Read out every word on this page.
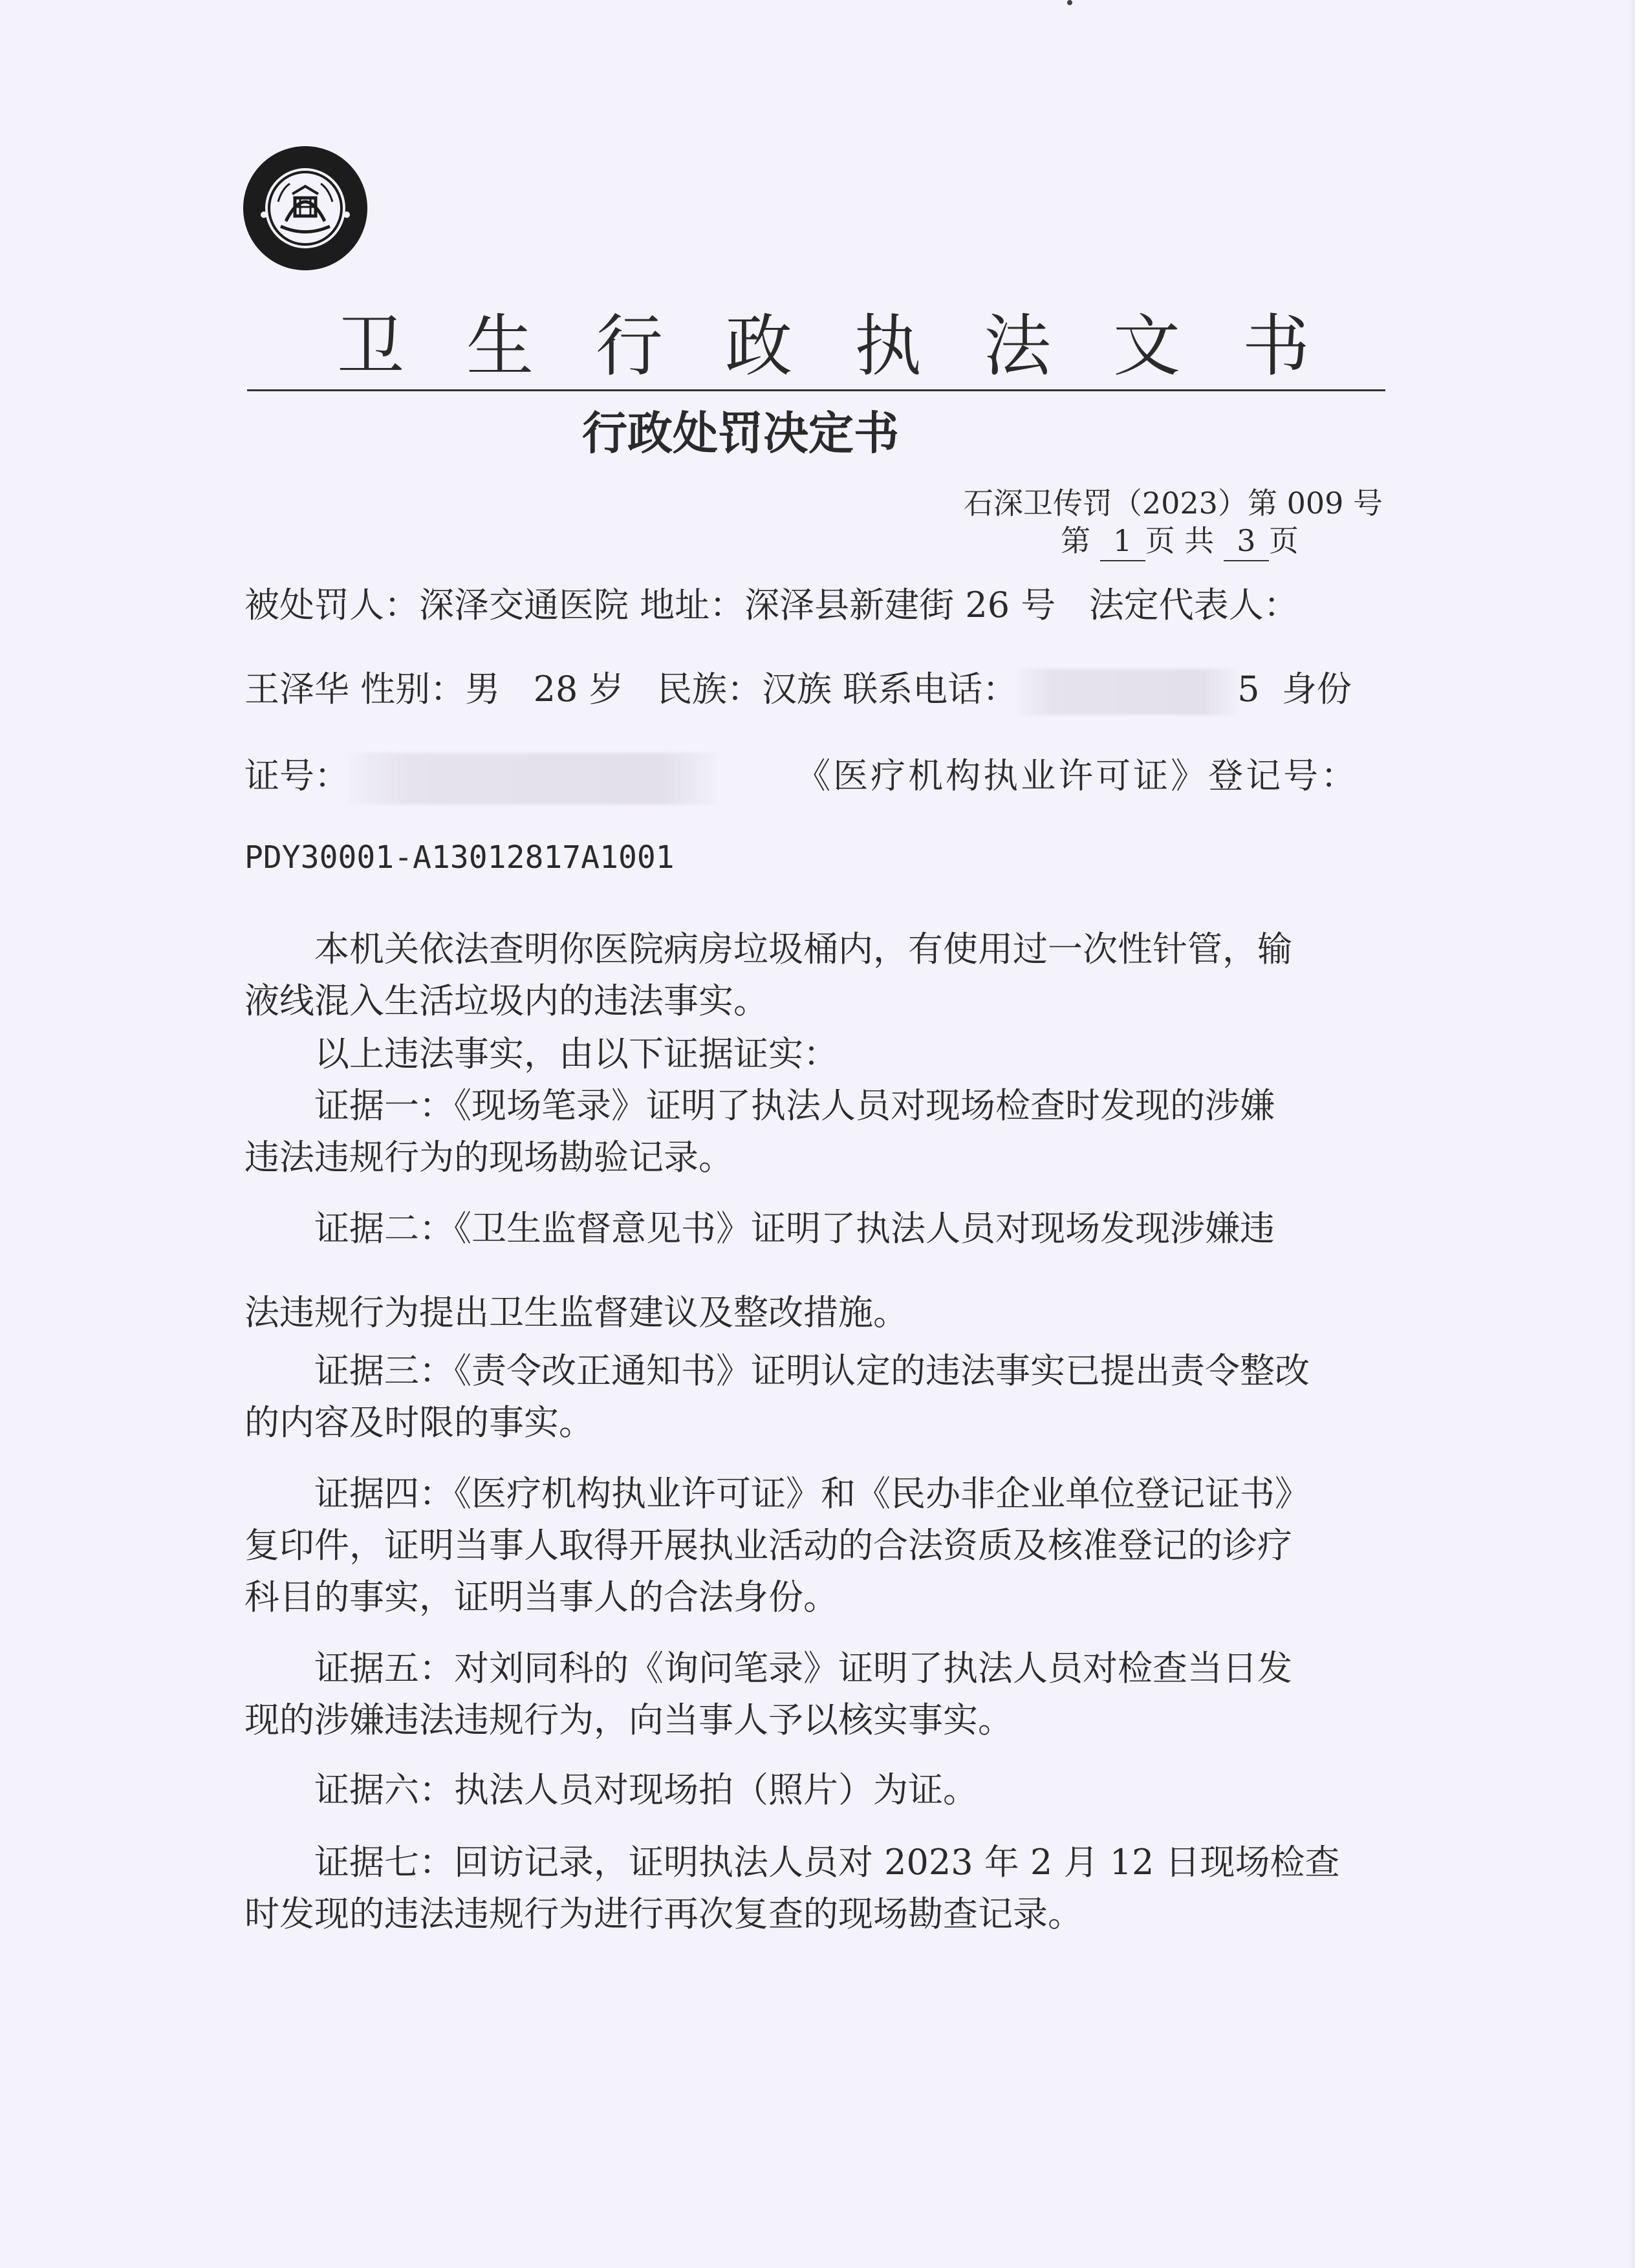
卫 生 行 政 执 法 文 书
行政处罚决定书
石深卫传罚（2023）第 009 号
第 1 页 共 3 页
被处罚人：深泽交通医院 地址：深泽县新建街 26 号 法定代表人：
王泽华 性别：男 28 岁 民族：汉族 联系电话：	5 身份
证号：	《医疗机构执业许可证》登记号：
PDY30001-A13012817A1001
本机关依法查明你医院病房垃圾桶内，有使用过一次性针管，输
液线混入生活垃圾内的违法事实。
以上违法事实，由以下证据证实：
证据一：《现场笔录》证明了执法人员对现场检查时发现的涉嫌
违法违规行为的现场勘验记录。
证据二：《卫生监督意见书》证明了执法人员对现场发现涉嫌违
法违规行为提出卫生监督建议及整改措施。
证据三：《责令改正通知书》证明认定的违法事实已提出责令整改
的内容及时限的事实。
证据四：《医疗机构执业许可证》和《民办非企业单位登记证书》
复印件，证明当事人取得开展执业活动的合法资质及核准登记的诊疗
科目的事实，证明当事人的合法身份。
证据五：对刘同科的《询问笔录》证明了执法人员对检查当日发
现的涉嫌违法违规行为，向当事人予以核实事实。
证据六：执法人员对现场拍（照片）为证。
证据七：回访记录，证明执法人员对 2023 年 2 月 12 日现场检查
时发现的违法违规行为进行再次复查的现场勘查记录。
